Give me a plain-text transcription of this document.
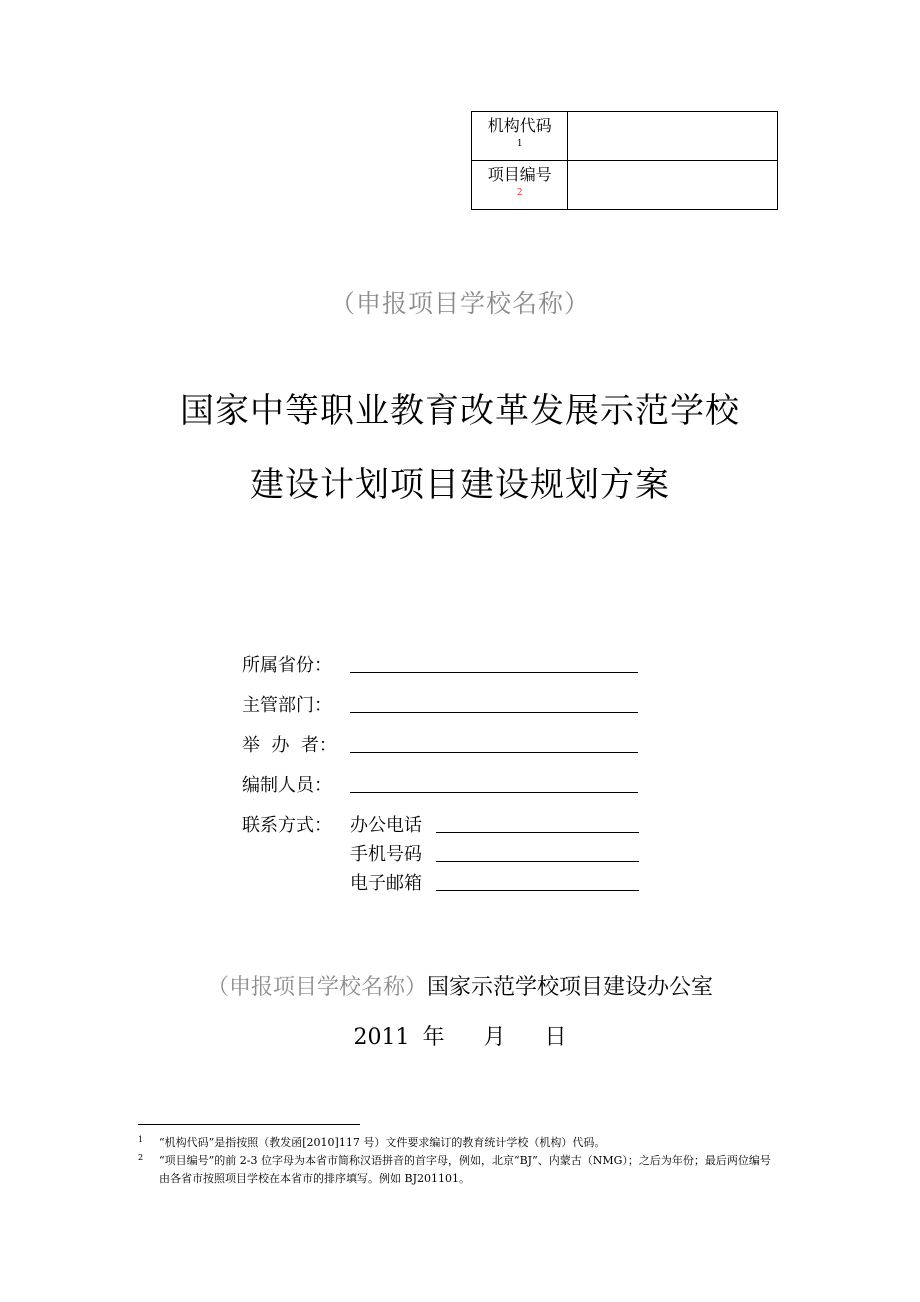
机构代码
1	

项目编号
2	

（申报项目学校名称）
国家中等职业教育改革发展示范学校
建设计划项目建设规划方案
所属省份：
主管部门：
举  办  者：
编制人员：
联系方式： 办公电话
手机号码
电子邮箱
（申报项目学校名称）国家示范学校项目建设办公室
2011 年   月   日
1 “机构代码”是指按照（教发函[2010]117 号）文件要求编订的教育统计学校（机构）代码。
2 “项目编号”的前 2-3 位字母为本省市简称汉语拼音的首字母，例如，北京“BJ”、内蒙古（NMG）；之后为年份；最后两位编号由各省市按照项目学校在本省市的排序填写。例如 BJ201101。
